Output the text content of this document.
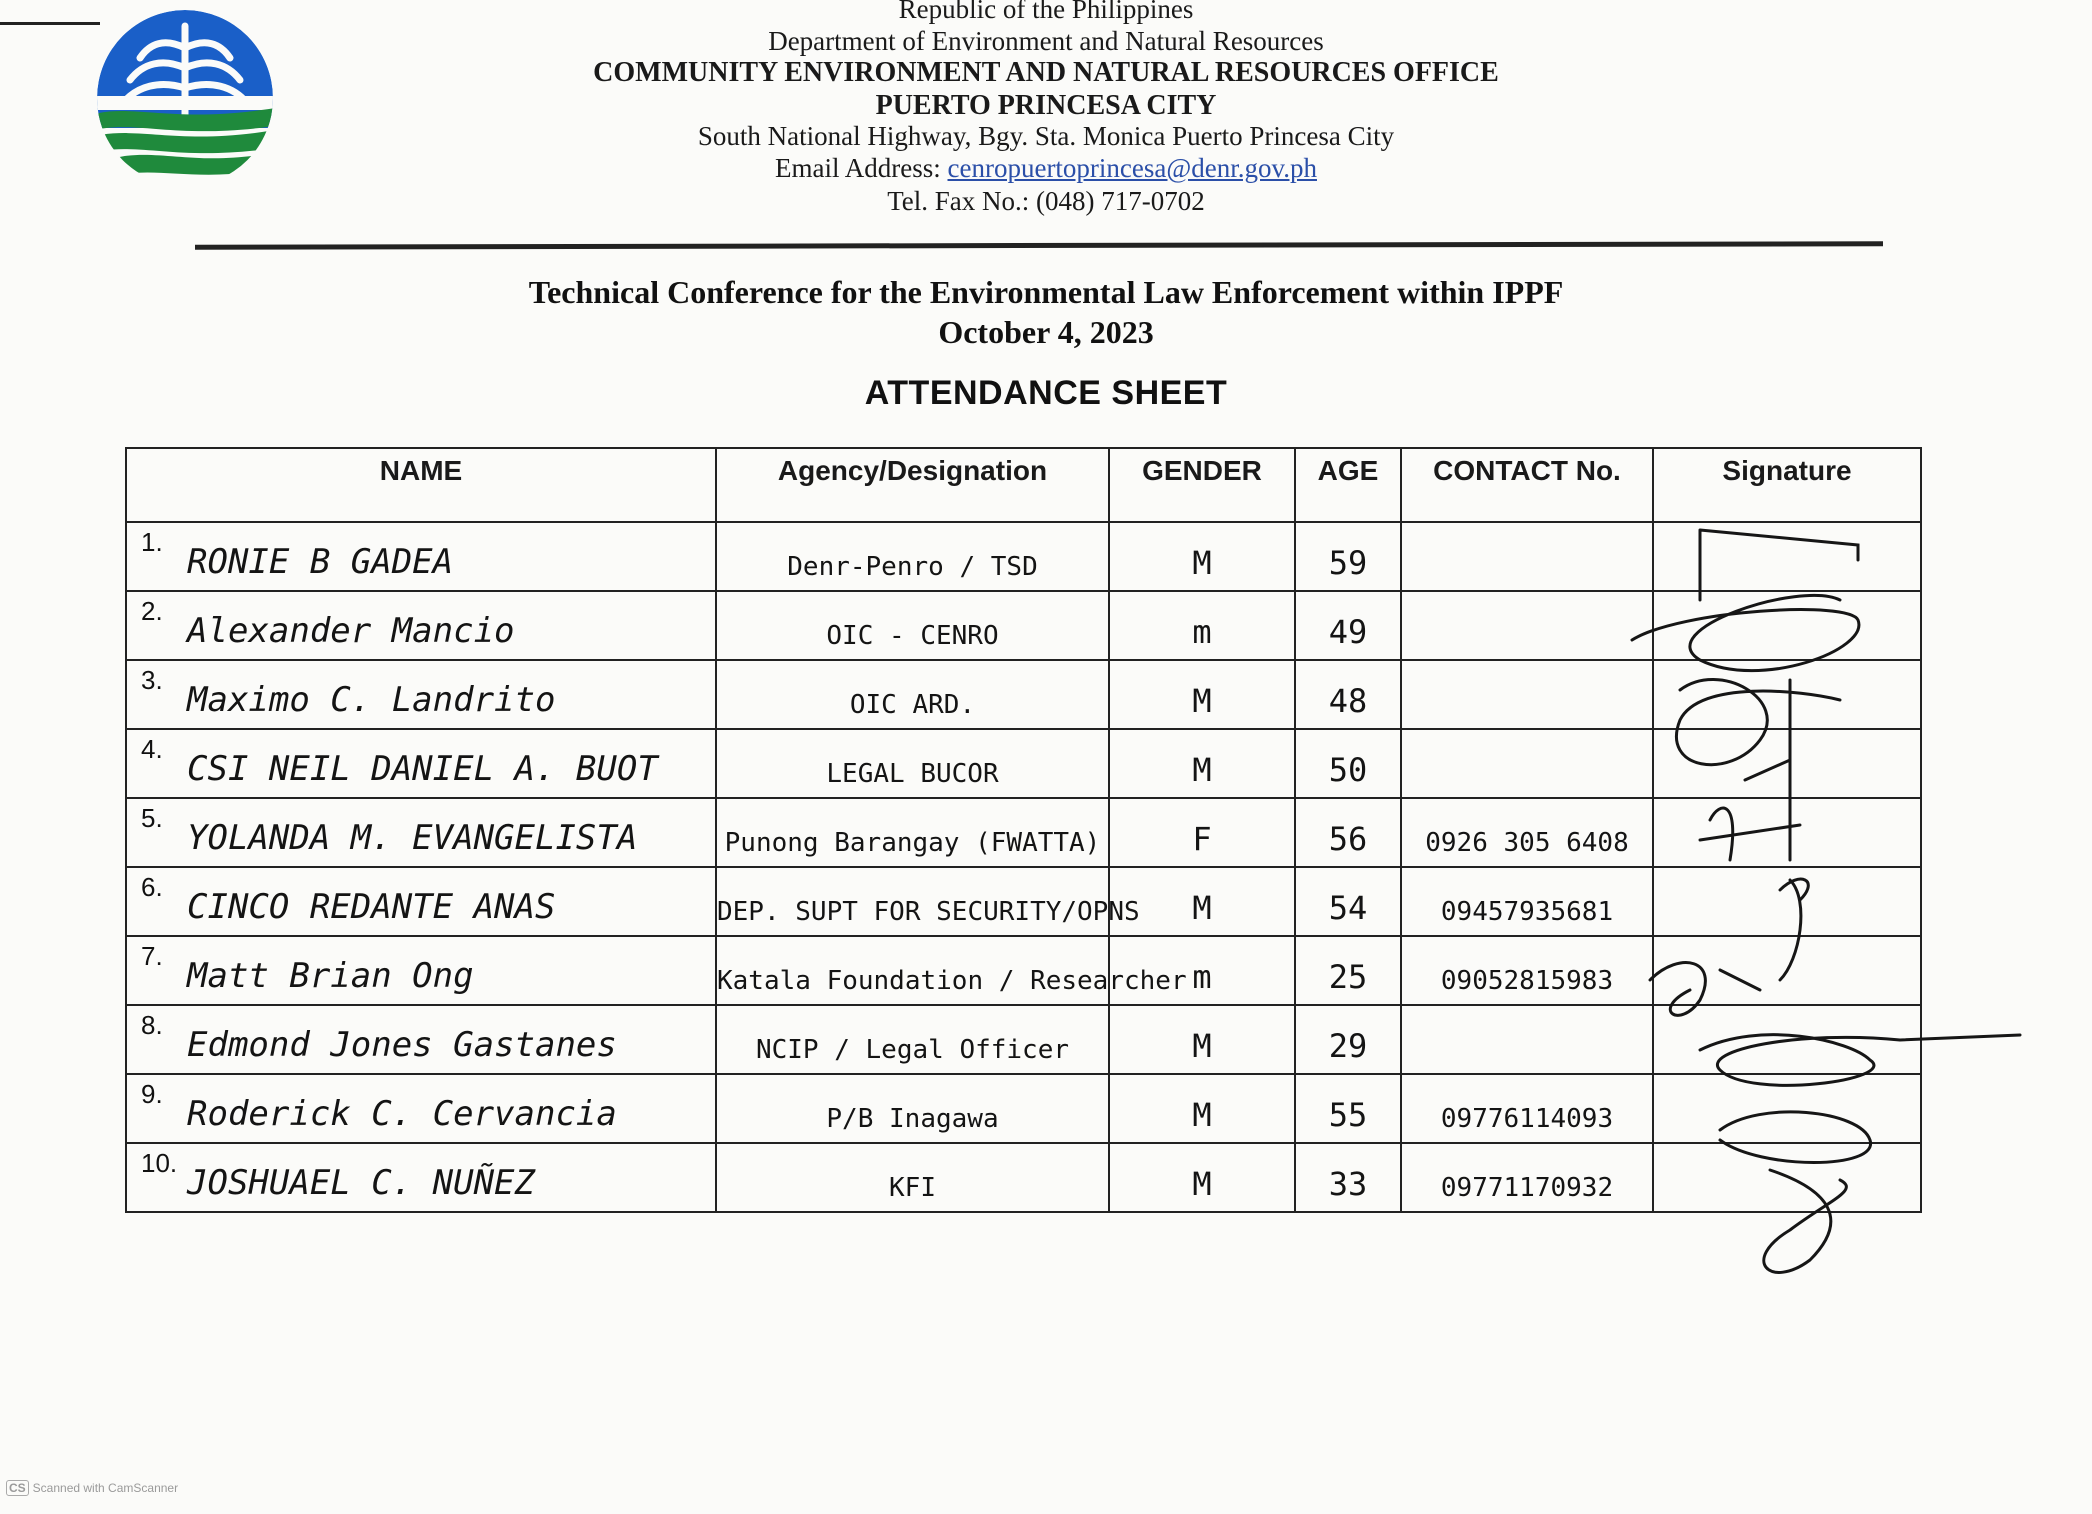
Republic of the Philippines
Department of Environment and Natural Resources
COMMUNITY ENVIRONMENT AND NATURAL RESOURCES OFFICE
PUERTO PRINCESA CITY
South National Highway, Bgy. Sta. Monica Puerto Princesa City
Email Address: cenropuertoprincesa@denr.gov.ph
Tel. Fax No.: (048) 717-0702
Technical Conference for the Environmental Law Enforcement within IPPF
October 4, 2023
ATTENDANCE SHEET
NAME	Agency/Designation	GENDER	AGE	CONTACT No.	Signature

1. RONIE B GADEA	Denr-Penro / TSD	M	59		

2. Alexander Mancio	OIC - CENRO	m	49		

3. Maximo C. Landrito	OIC ARD.	M	48		

4. CSI NEIL DANIEL A. BUOT	LEGAL BUCOR	M	50		

5. YOLANDA M. EVANGELISTA	Punong Barangay (FWATTA)	F	56	0926 305 6408	

6. CINCO REDANTE ANAS	DEP. SUPT FOR SECURITY/OPNS	M	54	09457935681	

7. Matt Brian Ong	Katala Foundation / Researcher	m	25	09052815983	

8. Edmond Jones Gastanes	NCIP / Legal Officer	M	29		

9. Roderick C. Cervancia	P/B Inagawa	M	55	09776114093	

10. JOSHUAEL C. NUÑEZ	KFI	M	33	09771170932	

CS Scanned with CamScanner
